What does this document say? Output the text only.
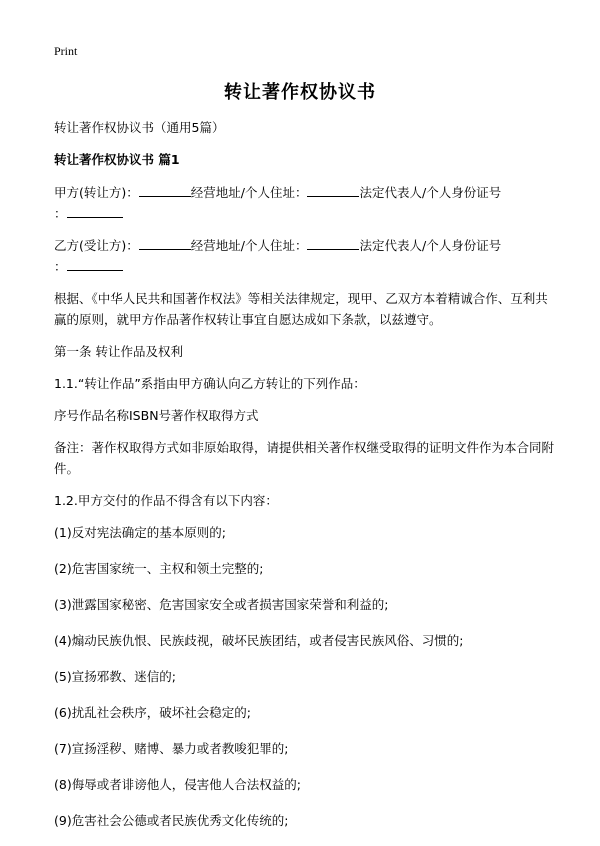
Print
转让著作权协议书

转让著作权协议书（通用5篇）

转让著作权协议书 篇1

甲方(转让方)：	经营地址/个人住址：	法定代表人/个人身份证号
：

乙方(受让方)：	经营地址/个人住址：	法定代表人/个人身份证号
：

根据、《中华人民共和国著作权法》等相关法律规定，现甲、乙双方本着精诚合作、互利共赢的原则，就甲方作品著作权转让事宜自愿达成如下条款，以兹遵守。

第一条 转让作品及权利

1.1.“转让作品”系指由甲方确认向乙方转让的下列作品：

序号作品名称ISBN号著作权取得方式

备注：著作权取得方式如非原始取得，请提供相关著作权继受取得的证明文件作为本合同附件。

1.2.甲方交付的作品不得含有以下内容：

(1)反对宪法确定的基本原则的;

(2)危害国家统一、主权和领土完整的;

(3)泄露国家秘密、危害国家安全或者损害国家荣誉和利益的;

(4)煽动民族仇恨、民族歧视，破坏民族团结，或者侵害民族风俗、习惯的;

(5)宣扬邪教、迷信的;

(6)扰乱社会秩序，破坏社会稳定的;

(7)宣扬淫秽、赌博、暴力或者教唆犯罪的;

(8)侮辱或者诽谤他人，侵害他人合法权益的;

(9)危害社会公德或者民族优秀文化传统的;
